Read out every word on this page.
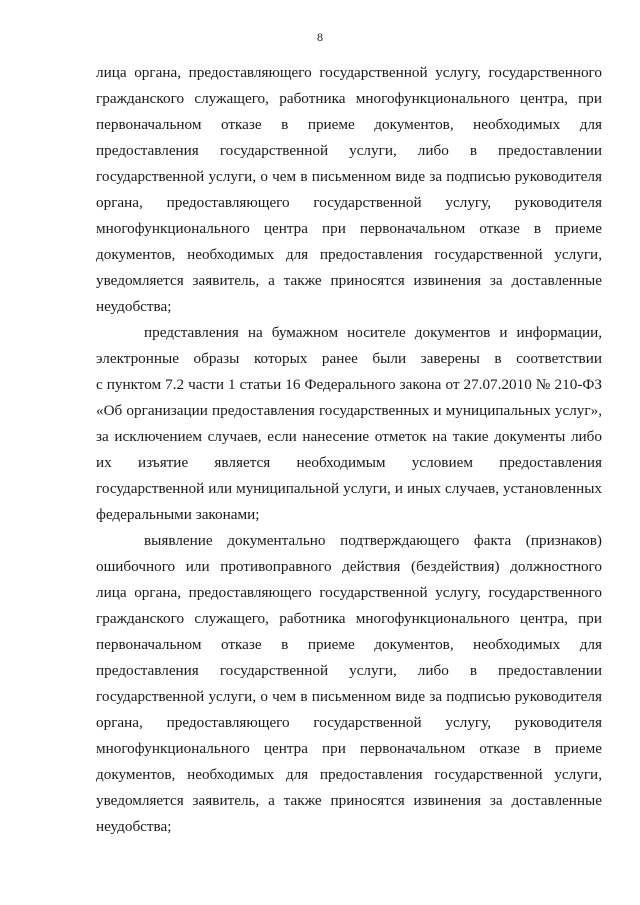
8
лица органа, предоставляющего государственной услугу, государственного
гражданского служащего, работника многофункционального центра, при
первоначальном отказе в приеме документов, необходимых для
предоставления государственной услуги, либо в предоставлении
государственной услуги, о чем в письменном виде за подписью руководителя
органа, предоставляющего государственной услугу, руководителя
многофункционального центра при первоначальном отказе в приеме
документов, необходимых для предоставления государственной услуги,
уведомляется заявитель, а также приносятся извинения за доставленные
неудобства;
представления на бумажном носителе документов и информации,
электронные образы которых ранее были заверены в соответствии
с пунктом 7.2 части 1 статьи 16 Федерального закона от 27.07.2010 № 210-ФЗ
«Об организации предоставления государственных и муниципальных услуг»,
за исключением случаев, если нанесение отметок на такие документы либо
их изъятие является необходимым условием предоставления
государственной или муниципальной услуги, и иных случаев, установленных
федеральными законами;
выявление документально подтверждающего факта (признаков)
ошибочного или противоправного действия (бездействия) должностного
лица органа, предоставляющего государственной услугу, государственного
гражданского служащего, работника многофункционального центра, при
первоначальном отказе в приеме документов, необходимых для
предоставления государственной услуги, либо в предоставлении
государственной услуги, о чем в письменном виде за подписью руководителя
органа, предоставляющего государственной услугу, руководителя
многофункционального центра при первоначальном отказе в приеме
документов, необходимых для предоставления государственной услуги,
уведомляется заявитель, а также приносятся извинения за доставленные
неудобства;
